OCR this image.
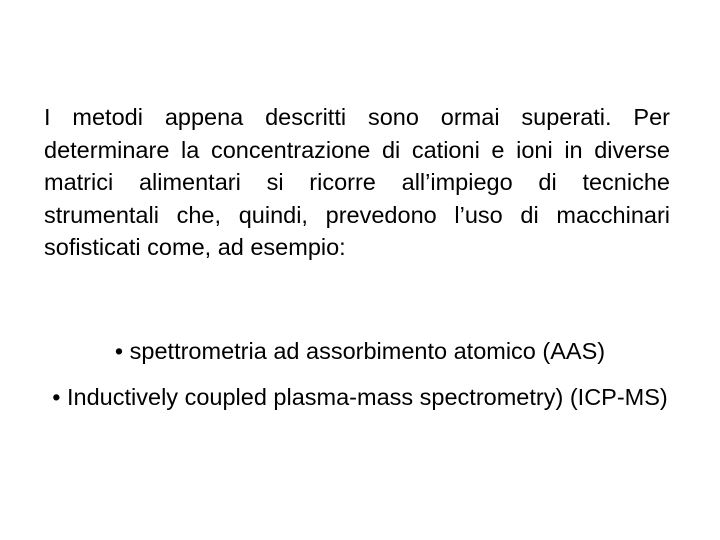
I metodi appena descritti sono ormai superati. Per determinare la concentrazione di cationi e ioni in diverse matrici alimentari si ricorre all’impiego di tecniche strumentali che, quindi, prevedono l’uso di macchinari sofisticati come, ad esempio:

• spettrometria ad assorbimento atomico (AAS)
• Inductively coupled plasma-mass spectrometry) (ICP-MS)
